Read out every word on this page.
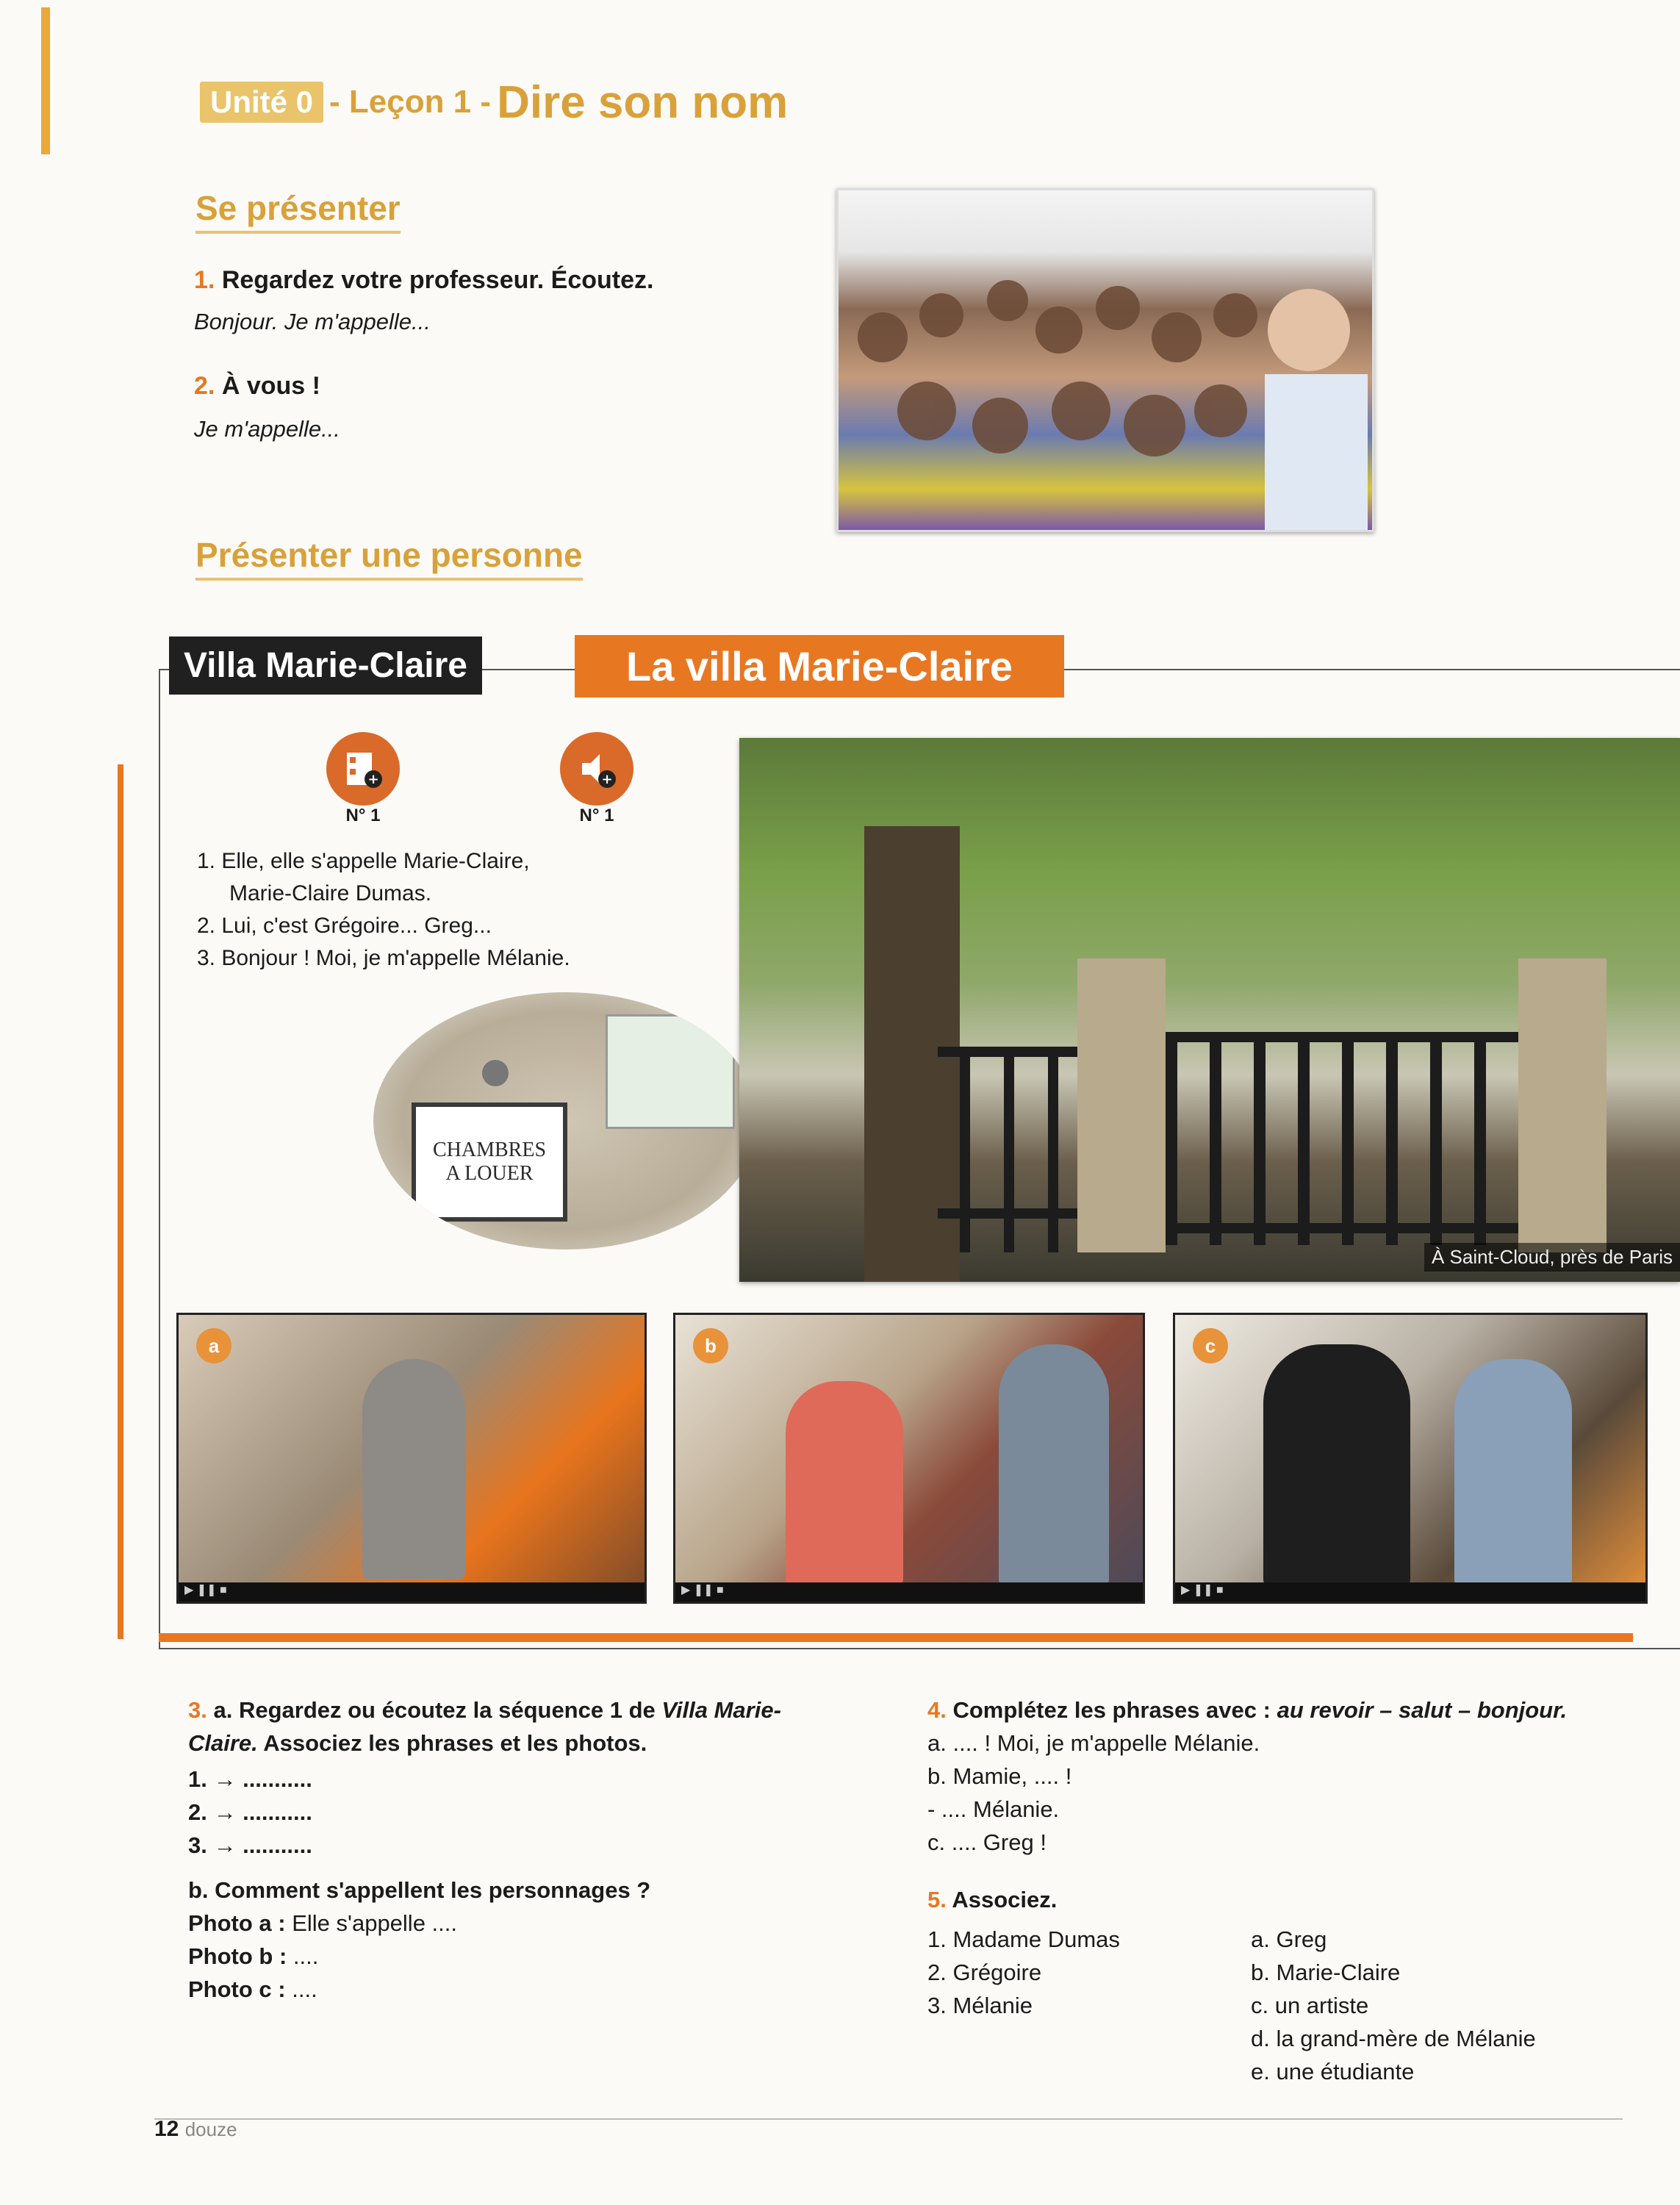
Unité 0 - Leçon 1 - Dire son nom
Se présenter
1. Regardez votre professeur. Écoutez.
Bonjour. Je m'appelle...
2. À vous !
Je m'appelle...
Présenter une personne
Villa Marie-Claire	La villa Marie-Claire
+
N° 1
+
N° 1
1. Elle, elle s'appelle Marie-Claire,
Marie-Claire Dumas.
2. Lui, c'est Grégoire... Greg...
3. Bonjour ! Moi, je m'appelle Mélanie.
CHAMBRES
A LOUER
À Saint-Cloud, près de Paris
a
▶ ❚❚ ■
b
▶ ❚❚ ■
c
▶ ❚❚ ■
3. a. Regardez ou écoutez la séquence 1 de Villa Marie-Claire. Associez les phrases et les photos.
1. → ...........
2. → ...........
3. → ...........
b. Comment s'appellent les personnages ?
Photo a : Elle s'appelle ....
Photo b : ....
Photo c : ....
4. Complétez les phrases avec : au revoir – salut – bonjour.
a. .... ! Moi, je m'appelle Mélanie.
b. Mamie, .... !
- .... Mélanie.
c. .... Greg !
5. Associez.
1. Madame Dumas
2. Grégoire
3. Mélanie
a. Greg
b. Marie-Claire
c. un artiste
d. la grand-mère de Mélanie
e. une étudiante
12 douze
